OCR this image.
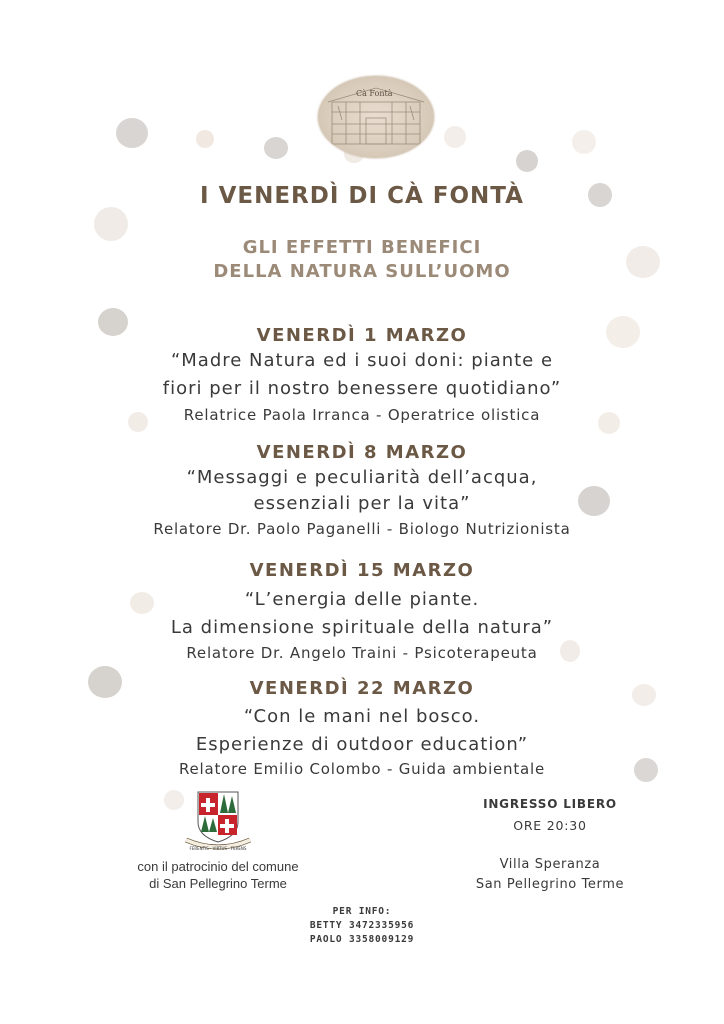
Cà Fontà
I VENERDÌ DI CÀ FONTÀ
GLI EFFETTI BENEFICI
DELLA NATURA SULL’UOMO
VENERDÌ 1 MARZO
“Madre Natura ed i suoi doni: piante e
fiori per il nostro benessere quotidiano”
Relatrice Paola Irranca - Operatrice olistica
VENERDÌ 8 MARZO
“Messaggi e peculiarità dell’acqua,
essenziali per la vita”
Relatore Dr. Paolo Paganelli - Biologo Nutrizionista
VENERDÌ 15 MARZO
“L’energia delle piante.
La dimensione spirituale della natura”
Relatore Dr. Angelo Traini - Psicoterapeuta
VENERDÌ 22 MARZO
“Con le mani nel bosco.
Esperienze di outdoor education”
Relatore Emilio Colombo - Guida ambientale
FERENTIS · VIRTUS · FERENS
con il patrocinio del comune
di San Pellegrino Terme
INGRESSO LIBERO
ORE 20:30
Villa Speranza
San Pellegrino Terme
PER INFO:
BETTY 3472335956
PAOLO 3358009129
